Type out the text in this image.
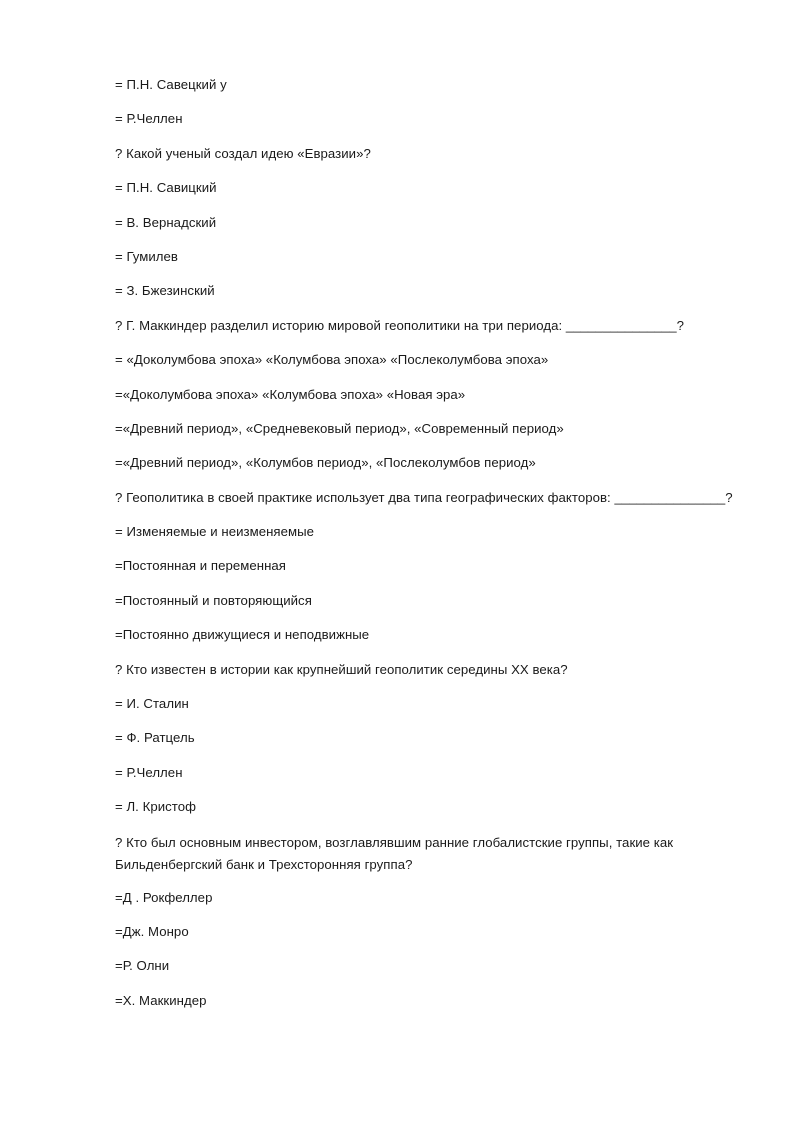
= П.Н. Савецкий у
= Р.Челлен
? Какой ученый создал идею «Евразии»?
= П.Н. Савицкий
= В. Вернадский
= Гумилев
= З. Бжезинский
? Г. Маккиндер разделил историю мировой геополитики на три периода: _______________?
= «Доколумбова эпоха» «Колумбова эпоха» «Послеколумбова эпоха»
=«Доколумбова эпоха» «Колумбова эпоха» «Новая эра»
=«Древний период», «Средневековый период», «Современный период»
=«Древний период», «Колумбов период», «Послеколумбов период»
? Геополитика в своей практике использует два типа географических факторов: _______________?
= Изменяемые и неизменяемые
=Постоянная и переменная
=Постоянный и повторяющийся
=Постоянно движущиеся и неподвижные
? Кто известен в истории как крупнейший геополитик середины XX века?
= И. Сталин
= Ф. Ратцель
= Р.Челлен
= Л. Кристоф
? Кто был основным инвестором, возглавлявшим ранние глобалистские группы, такие как Бильденбергский банк и Трехсторонняя группа?
=Д . Рокфеллер
=Дж. Монро
=Р. Олни
=Х. Маккиндер
